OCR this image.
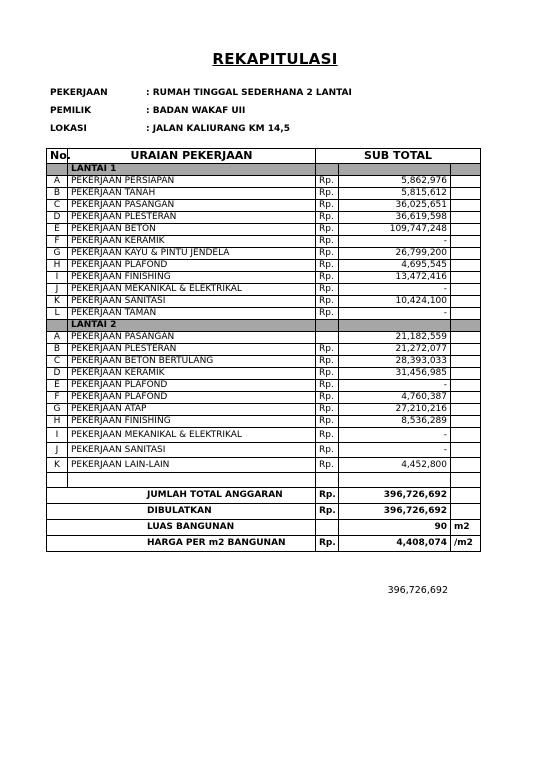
REKAPITULASI
PEKERJAAN	: RUMAH TINGGAL SEDERHANA 2 LANTAI
PEMILIK	: BADAN WAKAF UII
LOKASI	: JALAN KALIURANG KM 14,5
No.	URAIAN PEKERJAAN	SUB TOTAL		
	LANTAI 1			
A	PEKERJAAN PERSIAPAN	Rp.	5,862,976	
B	PEKERJAAN TANAH	Rp.	5,815,612	
C	PEKERJAAN PASANGAN	Rp.	36,025,651	
D	PEKERJAAN PLESTERAN	Rp.	36,619,598	
E	PEKERJAAN BETON	Rp.	109,747,248	
F	PEKERJAAN KERAMIK	Rp.	-	
G	PEKERJAAN KAYU & PINTU JENDELA	Rp.	26,799,200	
H	PEKERJAAN PLAFOND	Rp.	4,695,545	
I	PEKERJAAN FINISHING	Rp.	13,472,416	
J	PEKERJAAN MEKANIKAL & ELEKTRIKAL	Rp.	-	
K	PEKERJAAN SANITASI	Rp.	10,424,100	
L	PEKERJAAN TAMAN	Rp.	-	
	LANTAI 2			
A	PEKERJAAN PASANGAN		21,182,559	
B	PEKERJAAN PLESTERAN	Rp.	21,272,077	
C	PEKERJAAN BETON BERTULANG	Rp.	28,393,033	
D	PEKERJAAN KERAMIK	Rp.	31,456,985	
E	PEKERJAAN PLAFOND	Rp.	-	
F	PEKERJAAN PLAFOND	Rp.	4,760,387	
G	PEKERJAAN ATAP	Rp.	27,210,216	
H	PEKERJAAN FINISHING	Rp.	8,536,289	
I	PEKERJAAN MEKANIKAL & ELEKTRIKAL	Rp.	-	
J	PEKERJAAN SANITASI	Rp.	-	
K	PEKERJAAN LAIN-LAIN	Rp.	4,452,800	

JUMLAH TOTAL ANGGARAN		Rp.	396,726,692	
DIBULATKAN		Rp.	396,726,692	
LUAS BANGUNAN			90	m2
HARGA PER m2 BANGUNAN		Rp.	4,408,074	/m2
396,726,692
